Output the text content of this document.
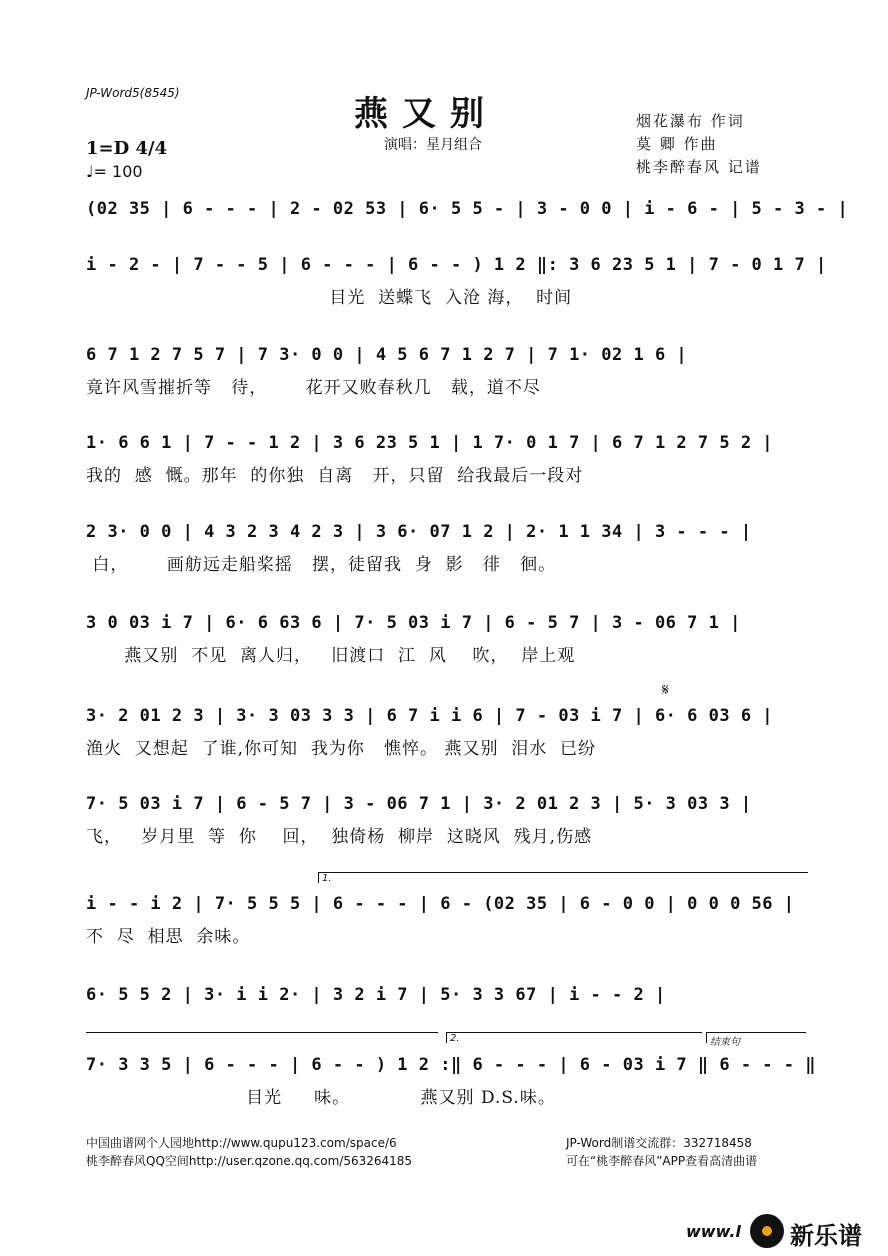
JP-Word5(8545)
燕又别
演唱：星月组合
烟花瀑布 作词
莫 卿 作曲
桃李醉春风 记谱
1=D 4/4
♩= 100
(02 35 | 6 - - - | 2 - 02 53 | 6· 5 5 - | 3 - 0 0 | i - 6 - | 5 - 3 - |
i - 2 - | 7 - - 5 | 6 - - - | 6 - - ) 1 2 ‖: 3 6 23 5 1 | 7 - 0 1 7 |
目光  送蝶飞  入沧 海，  时间
6 7 1 2 7 5 7 | 7 3· 0 0 | 4 5 6 7 1 2 7 | 7 1· 02 1 6 |
竟许风雪摧折等   待，      花开又败春秋几   载，道不尽
1· 6 6 1 | 7 - - 1 2 | 3 6 23 5 1 | 1 7· 0 1 7 | 6 7 1 2 7 5 2 |
我的  感  慨。那年  的你独  自离   开，只留  给我最后一段对
2 3· 0 0 | 4 3 2 3 4 2 3 | 3 6· 07 1 2 | 2· 1 1 34 | 3 - - - |
白，      画舫远走船桨摇   摆，徒留我  身  影   徘   徊。
3 0 03 i 7 | 6· 6 63 6 | 7· 5 03 i 7 | 6 - 5 7 | 3 - 06 7 1 |
燕又别  不见  离人归，   旧渡口  江  风    吹，  岸上观
𝄋
3· 2 01 2 3 | 3· 3 03 3 3 | 6 7 i i 6 | 7 - 03 i 7 | 6· 6 03 6 |
渔火  又想起  了谁,你可知  我为你   憔悴。 燕又别  泪水  已纷
7· 5 03 i 7 | 6 - 5 7 | 3 - 06 7 1 | 3· 2 01 2 3 | 5· 3 03 3 |
飞，   岁月里  等  你    回，  独倚杨  柳岸  这晓风  残月,伤感
1.
i - - i 2 | 7· 5 5 5 | 6 - - - | 6 - (02 35 | 6 - 0 0 | 0 0 0 56 |
不  尽  相思  余味。
6· 5 5 2 | 3· i i 2· | 3 2 i 7 | 5· 3 3 67 | i - - 2 |
2.	结束句
7· 3 3 5 | 6 - - - | 6 - - ) 1 2 :‖ 6 - - - | 6 - 03 i 7 ‖ 6 - - - ‖
目光     味。           燕又别 D.S.味。
中国曲谱网个人园地http://www.qupu123.com/space/6
桃李醉春风QQ空间http://user.qzone.qq.com/563264185
JP-Word制谱交流群：332718458
可在“桃李醉春风”APP查看高清曲谱
www.l 新乐谱
